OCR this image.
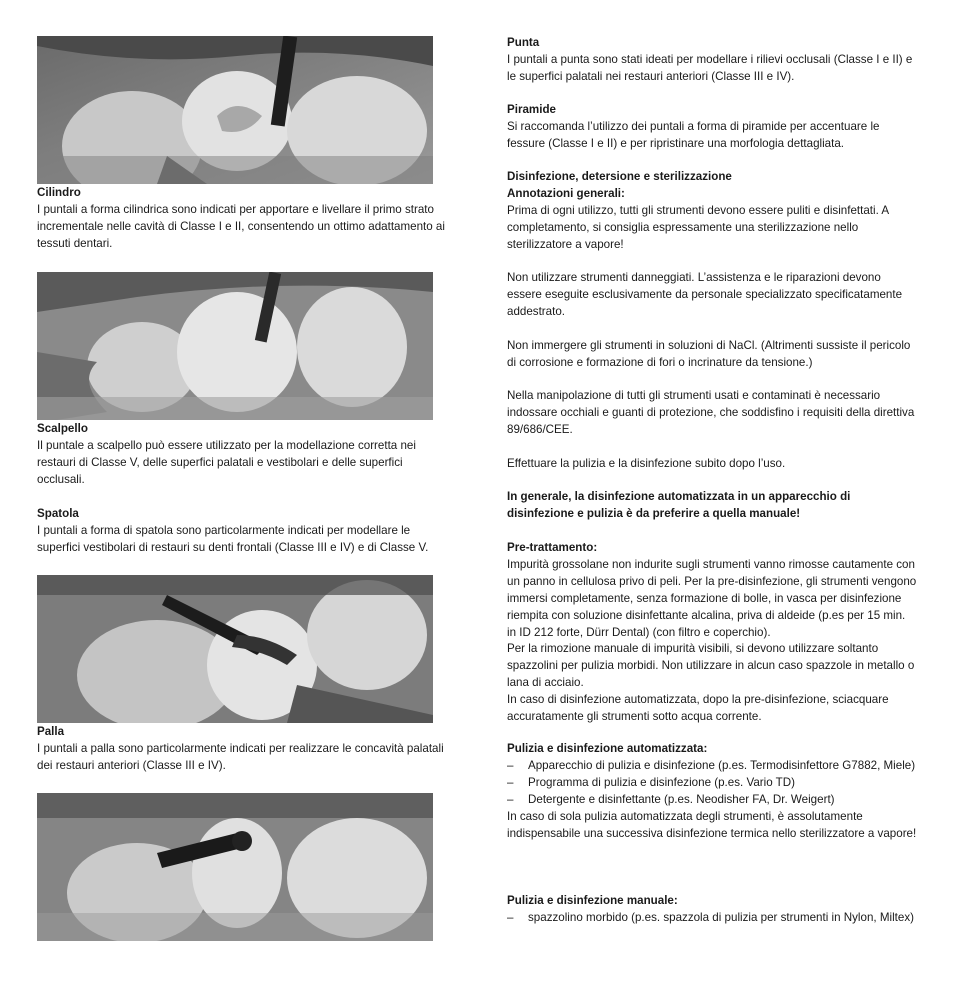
Cilindro
I puntali a forma cilindrica sono indicati per apportare e livellare il primo strato incrementale nelle cavità di Classe I e II, consentendo un ottimo adattamento ai tessuti dentari.
Scalpello
Il puntale a scalpello può essere utilizzato per la modellazione corretta nei restauri di Classe V, delle superfici palatali e vestibolari e delle superfici occlusali.
Spatola
I puntali a forma di spatola sono particolarmente indicati per modellare le superfici vestibolari di restauri su denti frontali (Classe III e IV) e di Classe V.
Palla
I puntali a palla sono particolarmente indicati per realizzare le concavità palatali dei restauri anteriori (Classe III e IV).
Punta
I puntali a punta sono stati ideati per modellare i rilievi occlusali (Classe I e II) e le superfici palatali nei restauri anteriori (Classe III e IV).
Piramide
Si raccomanda l’utilizzo dei puntali a forma di piramide per accentuare le fessure (Classe I e II) e per ripristinare una morfologia dettagliata.
Disinfezione, detersione e sterilizzazione
Annotazioni generali:
Prima di ogni utilizzo, tutti gli strumenti devono essere puliti e disinfettati. A completamento, si consiglia espressamente una sterilizzazione nello sterilizzatore a vapore!
Non utilizzare strumenti danneggiati. L’assistenza e le riparazioni devono essere eseguite esclusivamente da personale specializzato specificatamente addestrato.
Non immergere gli strumenti in soluzioni di NaCl. (Altrimenti sussiste il pericolo di corrosione e formazione di fori o incrinature da tensione.)
Nella manipolazione di tutti gli strumenti usati e contaminati è necessario indossare occhiali e guanti di protezione, che soddisfino i requisiti della direttiva 89/686/CEE.
Effettuare la pulizia e la disinfezione subito dopo l’uso.
In generale, la disinfezione automatizzata in un apparecchio di disinfezione e pulizia è da preferire a quella manuale!
Pre-trattamento:
Impurità grossolane non indurite sugli strumenti vanno rimosse cautamente con un panno in cellulosa privo di peli. Per la pre-disinfezione, gli strumenti vengono immersi completamente, senza formazione di bolle, in vasca per disinfezione riempita con soluzione disinfettante alcalina, priva di aldeide (p.es per 15 min. in ID 212 forte, Dürr Dental) (con filtro e coperchio).
Per la rimozione manuale di impurità visibili, si devono utilizzare soltanto spazzolini per pulizia morbidi. Non utilizzare in alcun caso spazzole in metallo o lana di acciaio.
In caso di disinfezione automatizzata, dopo la pre-disinfezione, sciacquare accuratamente gli strumenti sotto acqua corrente.
Pulizia e disinfezione automatizzata:
– Apparecchio di pulizia e disinfezione (p.es. Termodisinfettore G7882, Miele)
– Programma di pulizia e disinfezione (p.es. Vario TD)
– Detergente e disinfettante (p.es. Neodisher FA, Dr. Weigert)
In caso di sola pulizia automatizzata degli strumenti, è assolutamente indispensabile una successiva disinfezione termica nello sterilizzatore a vapore!
Pulizia e disinfezione manuale:
– spazzolino morbido (p.es. spazzola di pulizia per strumenti in Nylon, Miltex)
